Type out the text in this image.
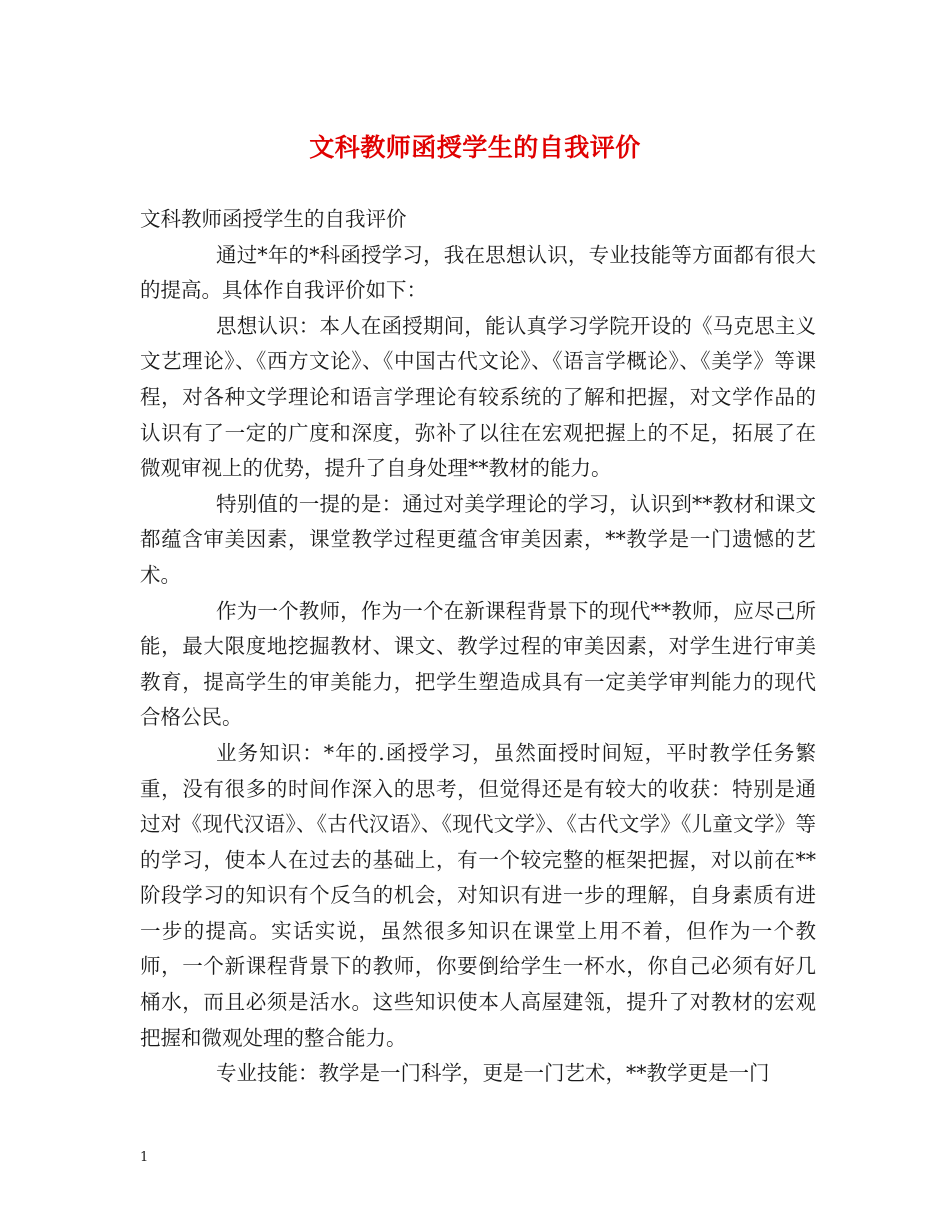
文科教师函授学生的自我评价

文科教师函授学生的自我评价

通过*年的*科函授学习，我在思想认识，专业技能等方面都有很大的提高。具体作自我评价如下：

思想认识：本人在函授期间，能认真学习学院开设的《马克思主义文艺理论》、《西方文论》、《中国古代文论》、《语言学概论》、《美学》等课程，对各种文学理论和语言学理论有较系统的了解和把握，对文学作品的认识有了一定的广度和深度，弥补了以往在宏观把握上的不足，拓展了在微观审视上的优势，提升了自身处理**教材的能力。

特别值的一提的是：通过对美学理论的学习，认识到**教材和课文都蕴含审美因素，课堂教学过程更蕴含审美因素，**教学是一门遗憾的艺术。

作为一个教师，作为一个在新课程背景下的现代**教师，应尽己所能，最大限度地挖掘教材、课文、教学过程的审美因素，对学生进行审美教育，提高学生的审美能力，把学生塑造成具有一定美学审判能力的现代合格公民。

业务知识：*年的.函授学习，虽然面授时间短，平时教学任务繁重，没有很多的时间作深入的思考，但觉得还是有较大的收获：特别是通过对《现代汉语》、《古代汉语》、《现代文学》、《古代文学》《儿童文学》等的学习，使本人在过去的基础上，有一个较完整的框架把握，对以前在**阶段学习的知识有个反刍的机会，对知识有进一步的理解，自身素质有进一步的提高。实话实说，虽然很多知识在课堂上用不着，但作为一个教师，一个新课程背景下的教师，你要倒给学生一杯水，你自己必须有好几桶水，而且必须是活水。这些知识使本人高屋建瓴，提升了对教材的宏观把握和微观处理的整合能力。

专业技能：教学是一门科学，更是一门艺术，**教学更是一门

1
